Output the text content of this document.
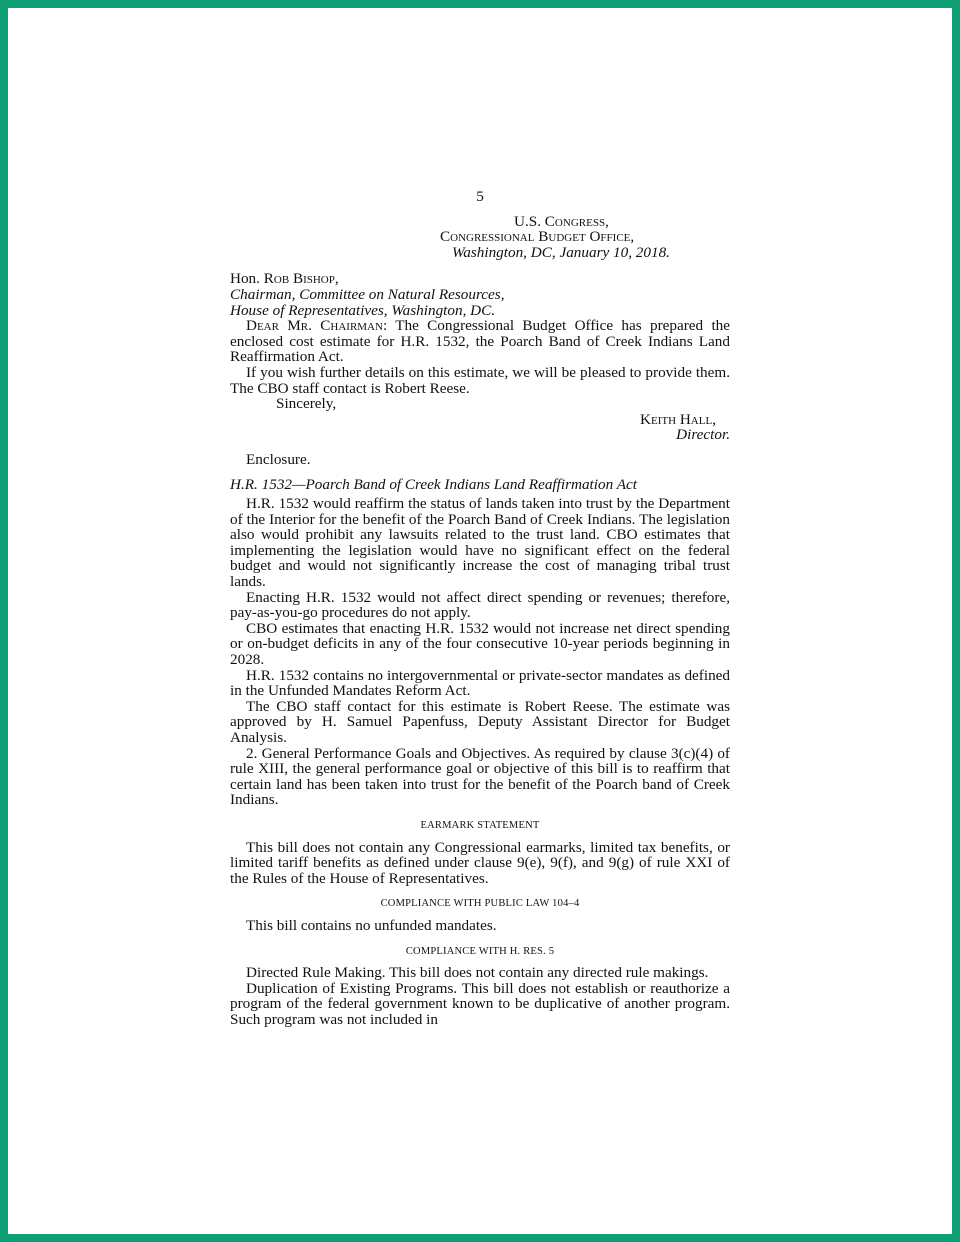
5
U.S. Congress,
Congressional Budget Office,
Washington, DC, January 10, 2018.
Hon. Rob Bishop,
Chairman, Committee on Natural Resources,
House of Representatives, Washington, DC.

Dear Mr. Chairman: The Congressional Budget Office has prepared the enclosed cost estimate for H.R. 1532, the Poarch Band of Creek Indians Land Reaffirmation Act.

If you wish further details on this estimate, we will be pleased to provide them. The CBO staff contact is Robert Reese.

Sincerely,
Keith Hall,
Director.
Enclosure.

H.R. 1532—Poarch Band of Creek Indians Land Reaffirmation Act

H.R. 1532 would reaffirm the status of lands taken into trust by the Department of the Interior for the benefit of the Poarch Band of Creek Indians. The legislation also would prohibit any lawsuits related to the trust land. CBO estimates that implementing the legislation would have no significant effect on the federal budget and would not significantly increase the cost of managing tribal trust lands.

Enacting H.R. 1532 would not affect direct spending or revenues; therefore, pay-as-you-go procedures do not apply.

CBO estimates that enacting H.R. 1532 would not increase net direct spending or on-budget deficits in any of the four consecutive 10-year periods beginning in 2028.

H.R. 1532 contains no intergovernmental or private-sector mandates as defined in the Unfunded Mandates Reform Act.

The CBO staff contact for this estimate is Robert Reese. The estimate was approved by H. Samuel Papenfuss, Deputy Assistant Director for Budget Analysis.

2. General Performance Goals and Objectives. As required by clause 3(c)(4) of rule XIII, the general performance goal or objective of this bill is to reaffirm that certain land has been taken into trust for the benefit of the Poarch band of Creek Indians.

EARMARK STATEMENT

This bill does not contain any Congressional earmarks, limited tax benefits, or limited tariff benefits as defined under clause 9(e), 9(f), and 9(g) of rule XXI of the Rules of the House of Representatives.

COMPLIANCE WITH PUBLIC LAW 104–4

This bill contains no unfunded mandates.

COMPLIANCE WITH H. RES. 5

Directed Rule Making. This bill does not contain any directed rule makings.

Duplication of Existing Programs. This bill does not establish or reauthorize a program of the federal government known to be duplicative of another program. Such program was not included in
